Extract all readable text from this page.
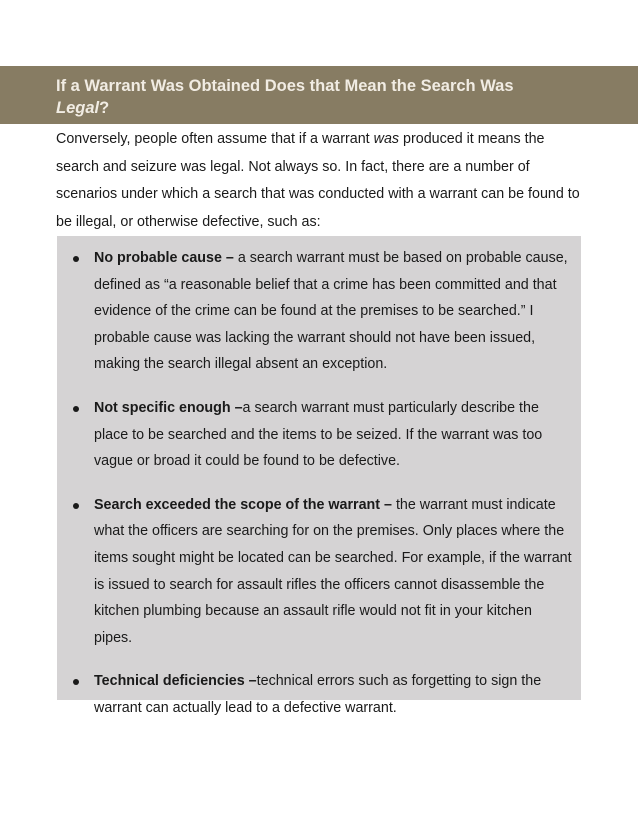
If a Warrant Was Obtained Does that Mean the Search Was
Legal?

Conversely, people often assume that if a warrant was produced it means the search and seizure was legal. Not always so. In fact, there are a number of scenarios under which a search that was conducted with a warrant can be found to be illegal, or otherwise defective, such as:

No probable cause – a search warrant must be based on probable cause, defined as “a reasonable belief that a crime has been committed and that evidence of the crime can be found at the premises to be searched.” I probable cause was lacking the warrant should not have been issued, making the search illegal absent an exception.
Not specific enough –a search warrant must particularly describe the place to be searched and the items to be seized. If the warrant was too vague or broad it could be found to be defective.
Search exceeded the scope of the warrant – the warrant must indicate what the officers are searching for on the premises. Only places where the items sought might be located can be searched. For example, if the warrant is issued to search for assault rifles the officers cannot disassemble the kitchen plumbing because an assault rifle would not fit in your kitchen pipes.
Technical deficiencies –technical errors such as forgetting to sign the warrant can actually lead to a defective warrant.
